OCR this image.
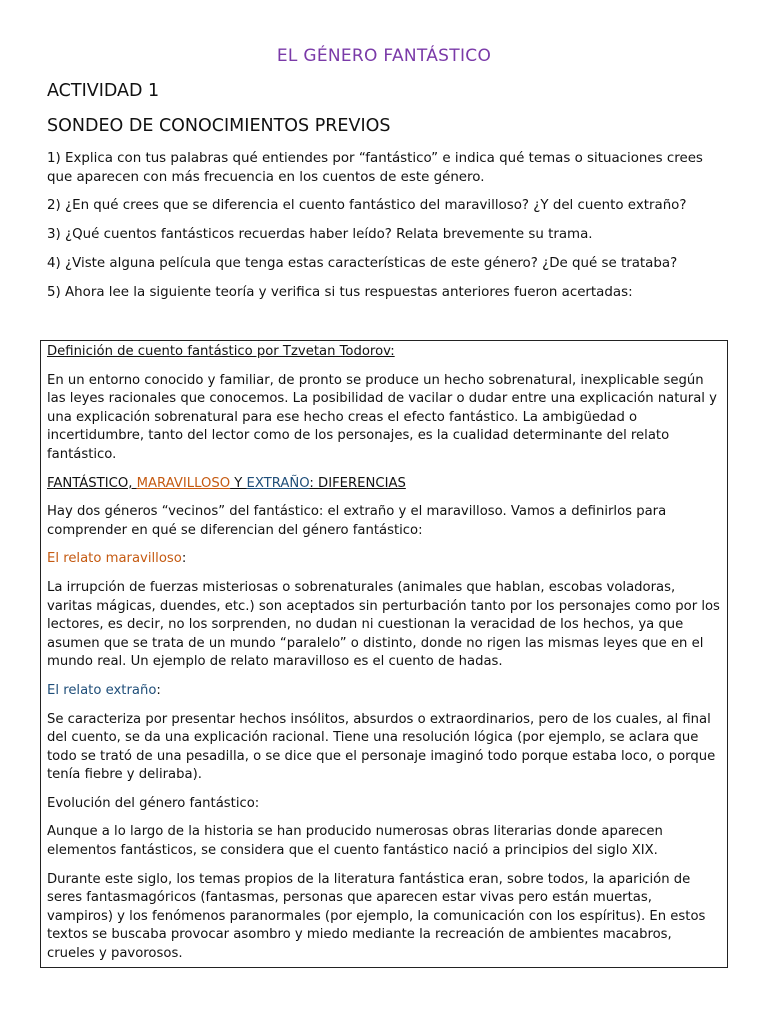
EL GÉNERO FANTÁSTICO
ACTIVIDAD 1
SONDEO DE CONOCIMIENTOS PREVIOS
1) Explica con tus palabras qué entiendes por “fantástico” e indica qué temas o situaciones crees que aparecen con más frecuencia en los cuentos de este género.
2) ¿En qué crees que se diferencia el cuento fantástico del maravilloso? ¿Y del cuento extraño?
3) ¿Qué cuentos fantásticos recuerdas haber leído? Relata brevemente su trama.
4) ¿Viste alguna película que tenga estas características de este género? ¿De qué se trataba?
5) Ahora lee la siguiente teoría y verifica si tus respuestas anteriores fueron acertadas:

Definición de cuento fantástico por Tzvetan Todorov:

En un entorno conocido y familiar, de pronto se produce un hecho sobrenatural, inexplicable según las leyes racionales que conocemos. La posibilidad de vacilar o dudar entre una explicación natural y una explicación sobrenatural para ese hecho creas el efecto fantástico. La ambigüedad o incertidumbre, tanto del lector como de los personajes, es la cualidad determinante del relato fantástico.

FANTÁSTICO, MARAVILLOSO Y EXTRAÑO: DIFERENCIAS

Hay dos géneros “vecinos” del fantástico: el extraño y el maravilloso. Vamos a definirlos para comprender en qué se diferencian del género fantástico:

El relato maravilloso:

La irrupción de fuerzas misteriosas o sobrenaturales (animales que hablan, escobas voladoras, varitas mágicas, duendes, etc.) son aceptados sin perturbación tanto por los personajes como por los lectores, es decir, no los sorprenden, no dudan ni cuestionan la veracidad de los hechos, ya que asumen que se trata de un mundo “paralelo” o distinto, donde no rigen las mismas leyes que en el mundo real. Un ejemplo de relato maravilloso es el cuento de hadas.

El relato extraño:

Se caracteriza por presentar hechos insólitos, absurdos o extraordinarios, pero de los cuales, al final del cuento, se da una explicación racional. Tiene una resolución lógica (por ejemplo, se aclara que todo se trató de una pesadilla, o se dice que el personaje imaginó todo porque estaba loco, o porque tenía fiebre y deliraba).

Evolución del género fantástico:

Aunque a lo largo de la historia se han producido numerosas obras literarias donde aparecen elementos fantásticos, se considera que el cuento fantástico nació a principios del siglo XIX.

Durante este siglo, los temas propios de la literatura fantástica eran, sobre todos, la aparición de seres fantasmagóricos (fantasmas, personas que aparecen estar vivas pero están muertas, vampiros) y los fenómenos paranormales (por ejemplo, la comunicación con los espíritus). En estos textos se buscaba provocar asombro y miedo mediante la recreación de ambientes macabros, crueles y pavorosos.
